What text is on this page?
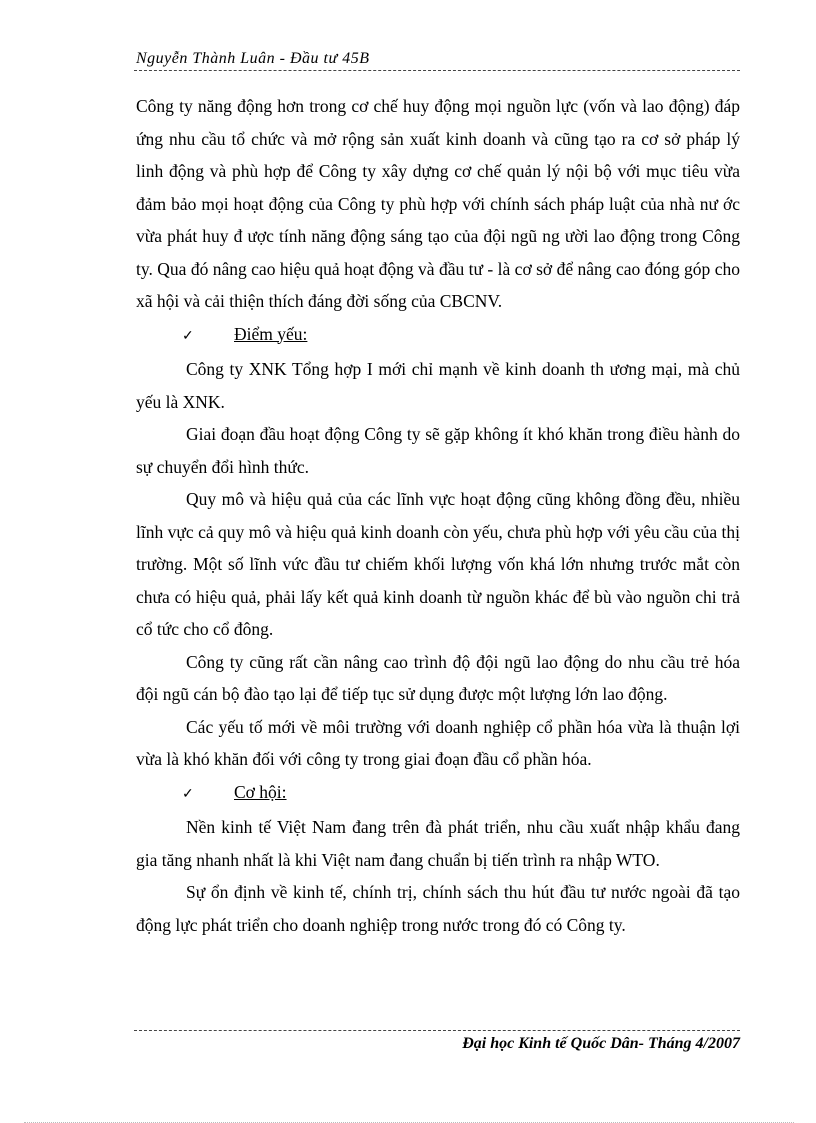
Nguyễn Thành Luân - Đầu tư 45B

Công ty năng động hơn trong cơ chế huy động mọi nguồn lực (vốn và lao động) đáp ứng nhu cầu tổ chức và mở rộng sản xuất kinh doanh và cũng tạo ra cơ sở pháp lý linh động và phù hợp để Công ty xây dựng cơ chế quản lý nội bộ với mục tiêu vừa đảm bảo mọi hoạt động của Công ty phù hợp với chính sách pháp luật của nhà nư ớc vừa phát huy đ ược tính năng động sáng tạo của đội ngũ ng ười lao động trong Công ty. Qua đó nâng cao hiệu quả hoạt động và đầu tư - là cơ sở để nâng cao đóng góp cho xã hội và cải thiện thích đáng đời sống của CBCNV.

✓ Điểm yếu:

Công ty XNK Tổng hợp I mới chỉ mạnh về kinh doanh th ương mại, mà chủ yếu là XNK.

Giai đoạn đầu hoạt động Công ty sẽ gặp không ít khó khăn trong điều hành do sự chuyển đổi hình thức.

Quy mô và hiệu quả của các lĩnh vực hoạt động cũng không đồng đều, nhiều lĩnh vực cả quy mô và hiệu quả kinh doanh còn yếu, chưa phù hợp với yêu cầu của thị trường. Một số lĩnh vức đầu tư chiếm khối lượng vốn khá lớn nhưng trước mắt còn chưa có hiệu quả, phải lấy kết quả kinh doanh từ nguồn khác để bù vào nguồn chi trả cổ tức cho cổ đông.

Công ty cũng rất cần nâng cao trình độ đội ngũ lao động do nhu cầu trẻ hóa đội ngũ cán bộ đào tạo lại để tiếp tục sử dụng được một lượng lớn lao động.

Các yếu tố mới về môi trường với doanh nghiệp cổ phần hóa vừa là thuận lợi vừa là khó khăn đối với công ty trong giai đoạn đầu cổ phần hóa.

✓ Cơ hội:

Nền kinh tế Việt Nam đang trên đà phát triển, nhu cầu xuất nhập khẩu đang gia tăng nhanh nhất là khi Việt nam đang chuẩn bị tiến trình ra nhập WTO.

Sự ổn định về kinh tế, chính trị, chính sách thu hút đầu tư nước ngoài đã tạo động lực phát triển cho doanh nghiệp trong nước trong đó có Công ty.

Đại học Kinh tế Quốc Dân- Tháng 4/2007
